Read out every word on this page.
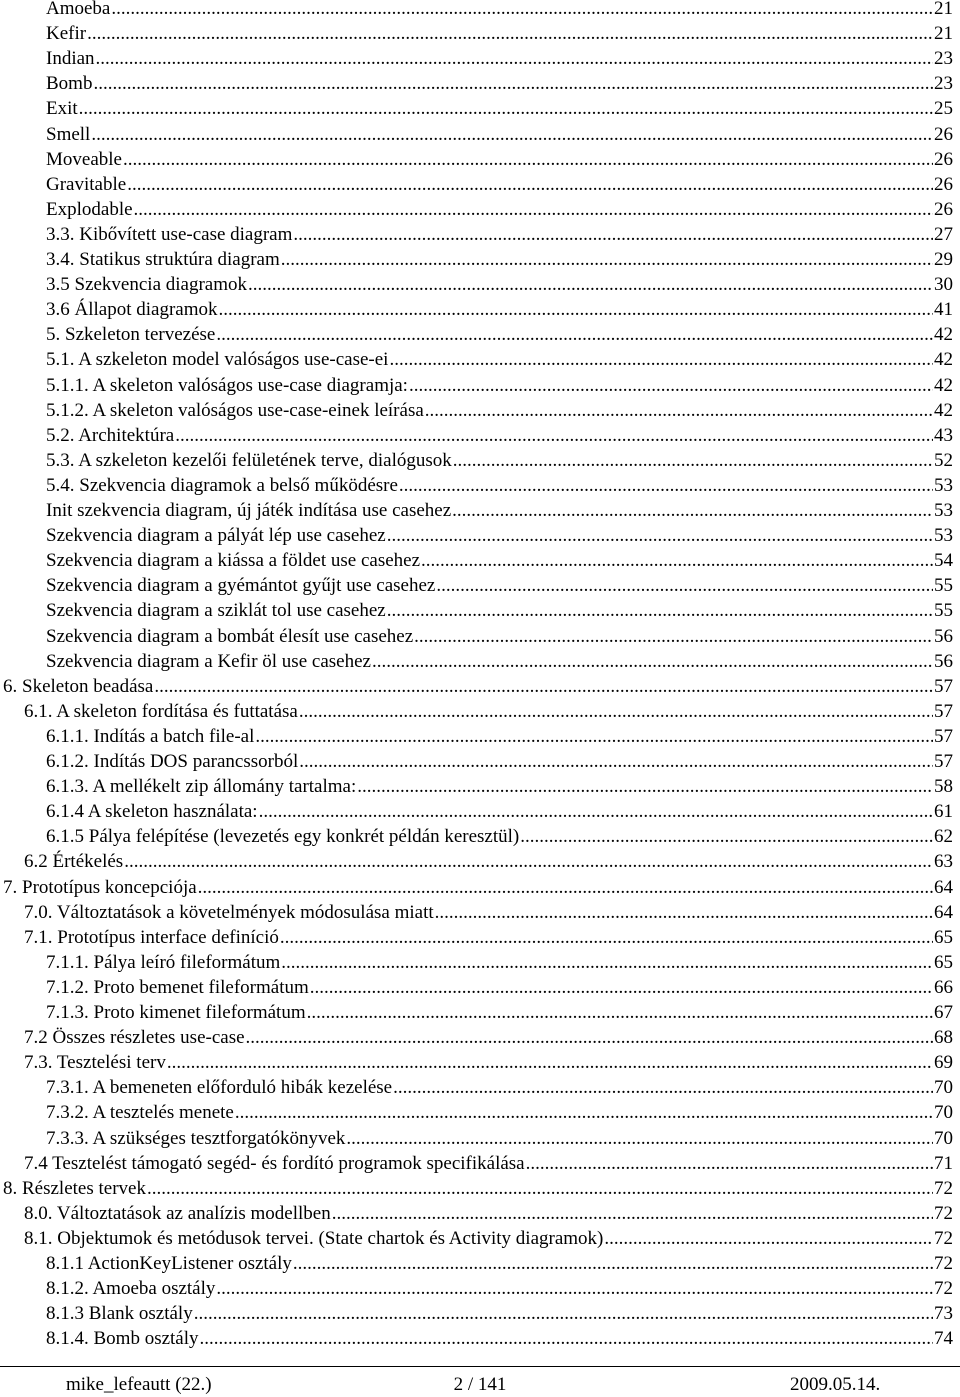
Amoeba .....	21
Kefir .....	21
Indian .....	23
Bomb .....	23
Exit .....	25
Smell .....	26
Moveable .....	26
Gravitable .....	26
Explodable .....	26
3.3. Kibővített use-case diagram .....	27
3.4. Statikus struktúra diagram .....	29
3.5 Szekvencia diagramok .....	30
3.6 Állapot diagramok .....	41
5. Szkeleton tervezése .....	42
5.1. A szkeleton model valóságos use-case-ei .....	42
5.1.1. A skeleton valóságos use-case diagramja: .....	42
5.1.2. A skeleton valóságos use-case-einek leírása .....	42
5.2. Architektúra .....	43
5.3. A szkeleton kezelői felületének terve, dialógusok .....	52
5.4. Szekvencia diagramok a belső működésre .....	53
Init szekvencia diagram, új játék indítása use casehez .....	53
Szekvencia diagram a pályát lép use casehez .....	53
Szekvencia diagram a kiássa a földet use casehez .....	54
Szekvencia diagram a gyémántot gyűjt use casehez .....	55
Szekvencia diagram a sziklát tol use casehez .....	55
Szekvencia diagram a bombát élesít use casehez .....	56
Szekvencia diagram a Kefir öl use casehez .....	56
6. Skeleton beadása .....	57
6.1. A skeleton fordítása és futtatása .....	57
6.1.1. Indítás a batch file-al .....	57
6.1.2. Indítás DOS parancssorból .....	57
6.1.3. A mellékelt zip állomány tartalma: .....	58
6.1.4 A skeleton használata: .....	61
6.1.5 Pálya felépítése (levezetés egy konkrét példán keresztül) .....	62
6.2 Értékelés .....	63
7. Prototípus koncepciója .....	64
7.0. Változtatások a követelmények módosulása miatt .....	64
7.1. Prototípus interface definíció .....	65
7.1.1. Pálya leíró fileformátum .....	65
7.1.2. Proto bemenet fileformátum .....	66
7.1.3. Proto kimenet fileformátum .....	67
7.2 Összes részletes use-case .....	68
7.3. Tesztelési terv .....	69
7.3.1. A bemeneten előforduló hibák kezelése .....	70
7.3.2. A tesztelés menete .....	70
7.3.3. A szükséges tesztforgatókönyvek .....	70
7.4 Tesztelést támogató segéd- és fordító programok specifikálása .....	71
8. Részletes tervek .....	72
8.0. Változtatások az analízis modellben .....	72
8.1. Objektumok és metódusok tervei. (State chartok és Activity diagramok) .....	72
8.1.1 ActionKeyListener osztály .....	72
8.1.2. Amoeba osztály .....	72
8.1.3 Blank osztály .....	73
8.1.4. Bomb osztály .....	74
mike_lefeautt (22.)	2 / 141	2009.05.14.
